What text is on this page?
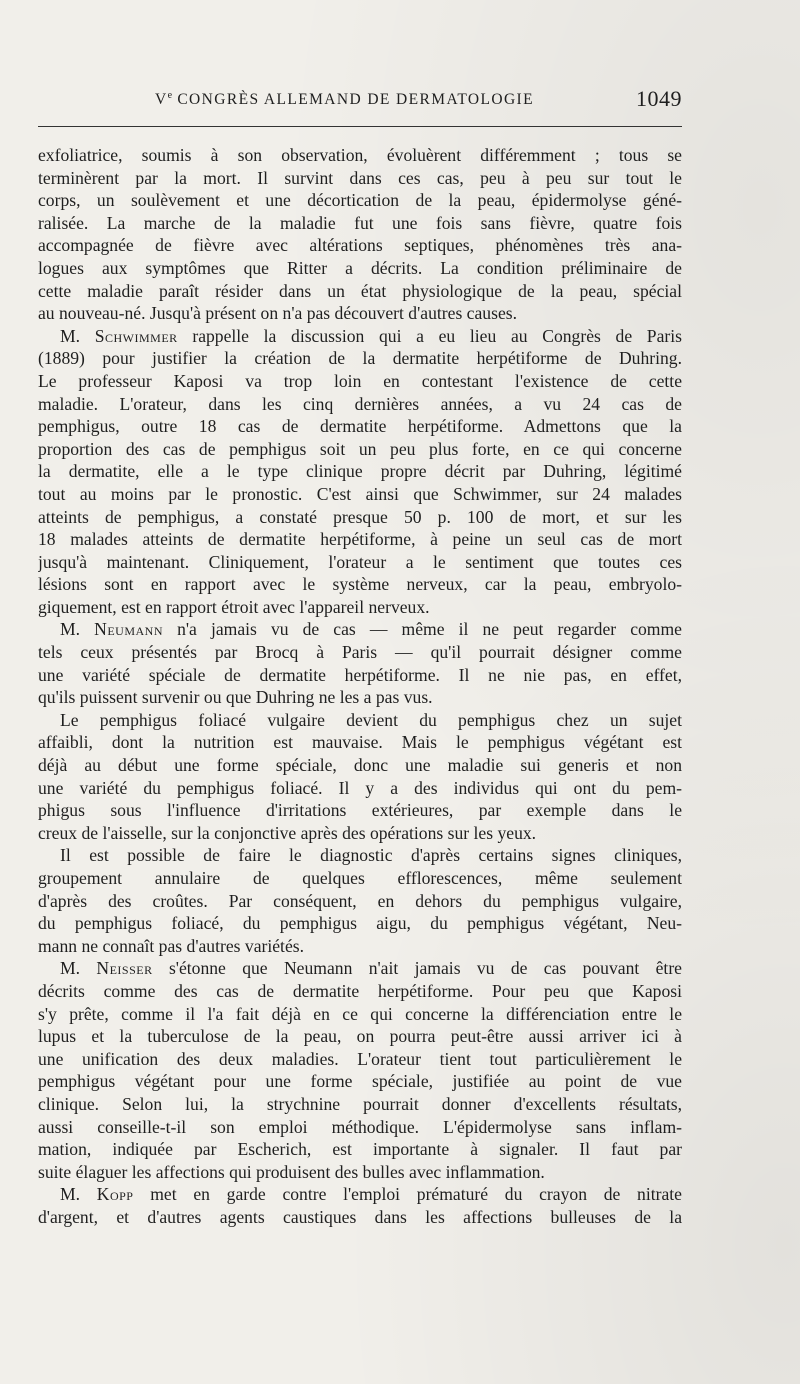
Ve CONGRÈS ALLEMAND DE DERMATOLOGIE	1049
exfoliatrice, soumis à son observation, évoluèrent différemment ; tous se
terminèrent par la mort. Il survint dans ces cas, peu à peu sur tout le
corps, un soulèvement et une décortication de la peau, épidermolyse géné-
ralisée. La marche de la maladie fut une fois sans fièvre, quatre fois
accompagnée de fièvre avec altérations septiques, phénomènes très ana-
logues aux symptômes que Ritter a décrits. La condition préliminaire de
cette maladie paraît résider dans un état physiologique de la peau, spécial
au nouveau-né. Jusqu'à présent on n'a pas découvert d'autres causes.
M. Schwimmer rappelle la discussion qui a eu lieu au Congrès de Paris
(1889) pour justifier la création de la dermatite herpétiforme de Duhring.
Le professeur Kaposi va trop loin en contestant l'existence de cette
maladie. L'orateur, dans les cinq dernières années, a vu 24 cas de
pemphigus, outre 18 cas de dermatite herpétiforme. Admettons que la
proportion des cas de pemphigus soit un peu plus forte, en ce qui concerne
la dermatite, elle a le type clinique propre décrit par Duhring, légitimé
tout au moins par le pronostic. C'est ainsi que Schwimmer, sur 24 malades
atteints de pemphigus, a constaté presque 50 p. 100 de mort, et sur les
18 malades atteints de dermatite herpétiforme, à peine un seul cas de mort
jusqu'à maintenant. Cliniquement, l'orateur a le sentiment que toutes ces
lésions sont en rapport avec le système nerveux, car la peau, embryolo-
giquement, est en rapport étroit avec l'appareil nerveux.
M. Neumann n'a jamais vu de cas — même il ne peut regarder comme
tels ceux présentés par Brocq à Paris — qu'il pourrait désigner comme
une variété spéciale de dermatite herpétiforme. Il ne nie pas, en effet,
qu'ils puissent survenir ou que Duhring ne les a pas vus.
Le pemphigus foliacé vulgaire devient du pemphigus chez un sujet
affaibli, dont la nutrition est mauvaise. Mais le pemphigus végétant est
déjà au début une forme spéciale, donc une maladie sui generis et non
une variété du pemphigus foliacé. Il y a des individus qui ont du pem-
phigus sous l'influence d'irritations extérieures, par exemple dans le
creux de l'aisselle, sur la conjonctive après des opérations sur les yeux.
Il est possible de faire le diagnostic d'après certains signes cliniques,
groupement annulaire de quelques efflorescences, même seulement
d'après des croûtes. Par conséquent, en dehors du pemphigus vulgaire,
du pemphigus foliacé, du pemphigus aigu, du pemphigus végétant, Neu-
mann ne connaît pas d'autres variétés.
M. Neisser s'étonne que Neumann n'ait jamais vu de cas pouvant être
décrits comme des cas de dermatite herpétiforme. Pour peu que Kaposi
s'y prête, comme il l'a fait déjà en ce qui concerne la différenciation entre le
lupus et la tuberculose de la peau, on pourra peut-être aussi arriver ici à
une unification des deux maladies. L'orateur tient tout particulièrement le
pemphigus végétant pour une forme spéciale, justifiée au point de vue
clinique. Selon lui, la strychnine pourrait donner d'excellents résultats,
aussi conseille-t-il son emploi méthodique. L'épidermolyse sans inflam-
mation, indiquée par Escherich, est importante à signaler. Il faut par
suite élaguer les affections qui produisent des bulles avec inflammation.
M. Kopp met en garde contre l'emploi prématuré du crayon de nitrate
d'argent, et d'autres agents caustiques dans les affections bulleuses de la
